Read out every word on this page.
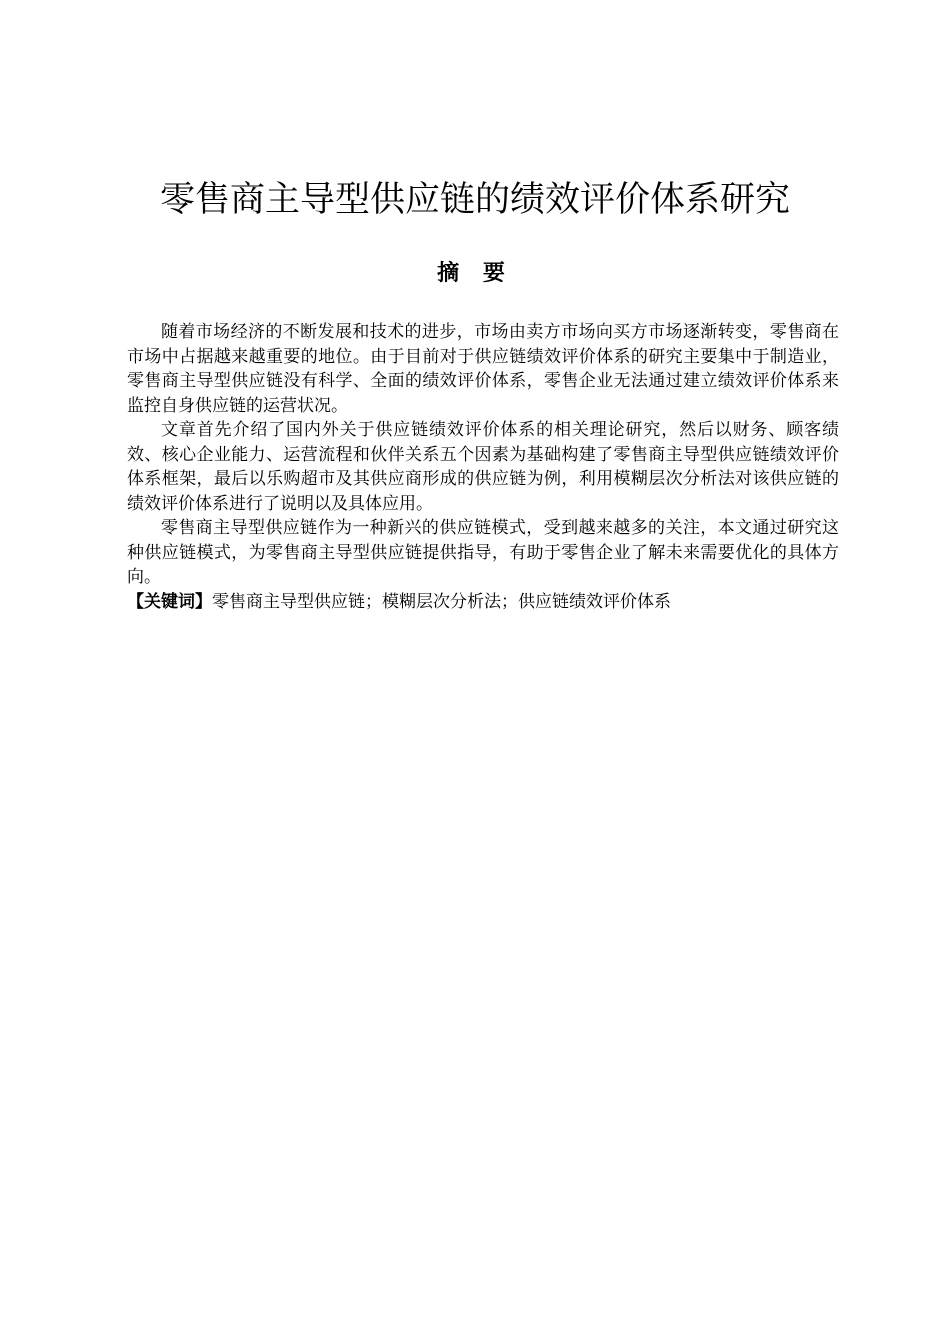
零售商主导型供应链的绩效评价体系研究
摘 要

随着市场经济的不断发展和技术的进步，市场由卖方市场向买方市场逐渐转变，零售商在市场中占据越来越重要的地位。由于目前对于供应链绩效评价体系的研究主要集中于制造业，零售商主导型供应链没有科学、全面的绩效评价体系，零售企业无法通过建立绩效评价体系来监控自身供应链的运营状况。

文章首先介绍了国内外关于供应链绩效评价体系的相关理论研究，然后以财务、顾客绩效、核心企业能力、运营流程和伙伴关系五个因素为基础构建了零售商主导型供应链绩效评价体系框架，最后以乐购超市及其供应商形成的供应链为例，利用模糊层次分析法对该供应链的绩效评价体系进行了说明以及具体应用。

零售商主导型供应链作为一种新兴的供应链模式，受到越来越多的关注，本文通过研究这种供应链模式，为零售商主导型供应链提供指导，有助于零售企业了解未来需要优化的具体方向。

【关键词】零售商主导型供应链；模糊层次分析法；供应链绩效评价体系
